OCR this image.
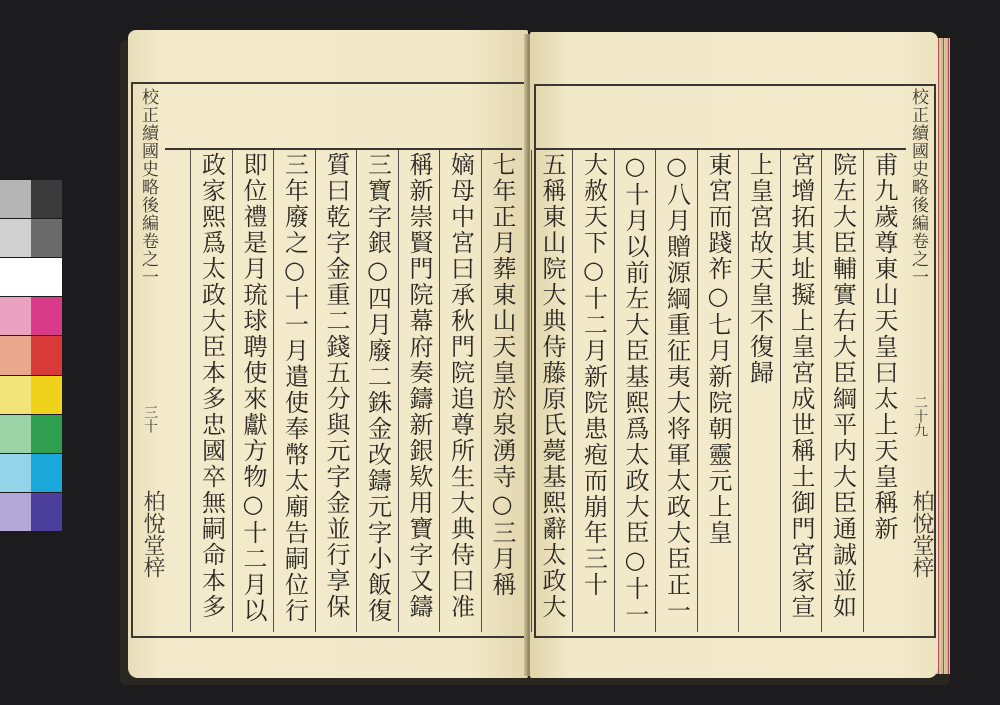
校正續國史略後編卷之一
三十
柏悅堂梓	七年正月葬東山天皇於泉湧寺○三月稱
嫡母中宮曰承秋門院追尊所生大典侍曰准
稱新崇賢門院幕府奏鑄新銀欵用寶字又鑄
三寶字銀○四月廢二銖金改鑄元字小飯復
質曰乾字金重二錢五分與元字金並行享保
三年廢之○十一月遣使奉幣太廟告嗣位行
即位禮是月琉球聘使來獻方物○十二月以
政家熙爲太政大臣本多忠國卒無嗣命本多
校正續國史略後編卷之一
二十九
柏悅堂梓
甫九歲尊東山天皇曰太上天皇稱新
院左大臣輔實右大臣綱平内大臣通誠並如
宮增拓其址擬上皇宮成世稱土御門宮家宣
上皇宮故天皇不復歸
東宮而踐祚○七月新院朝靈元上皇
○八月贈源綱重征夷大将軍太政大臣正一
○十月以前左大臣基熙爲太政大臣○十一
大赦天下○十二月新院患疱而崩年三十
五稱東山院大典侍藤原氏薨基熙辭太政大
